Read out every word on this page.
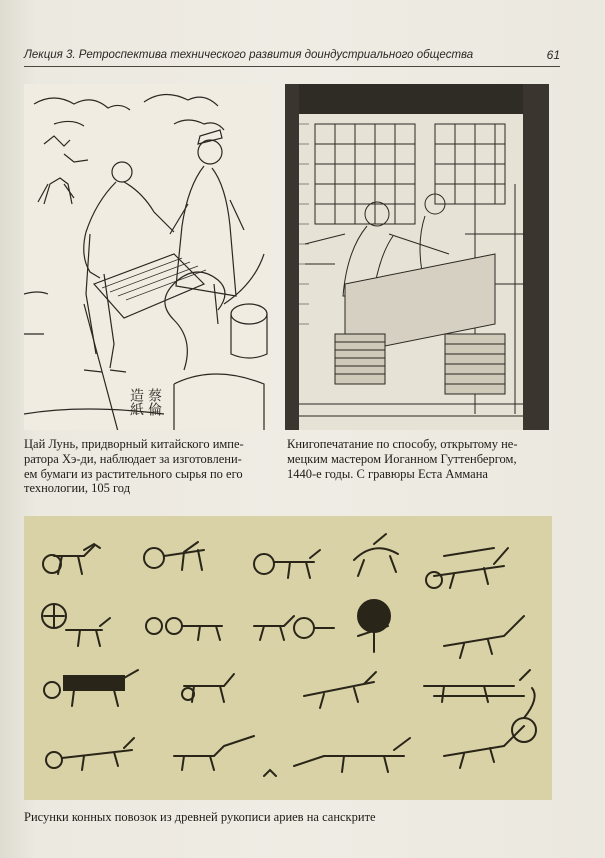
Лекция 3. Ретроспектива технического развития доиндустриального общества	61
造紙 蔡倫
Цай Лунь, придворный китайского импе-
ратора Хэ-ди, наблюдает за изготовлени-
ем бумаги из растительного сырья по его
технологии, 105 год
Книгопечатание по способу, открытому не-
мецким мастером Иоганном Гуттенбергом,
1440-е годы. С гравюры Еста Аммана
Рисунки конных повозок из древней рукописи ариев на санскрите
